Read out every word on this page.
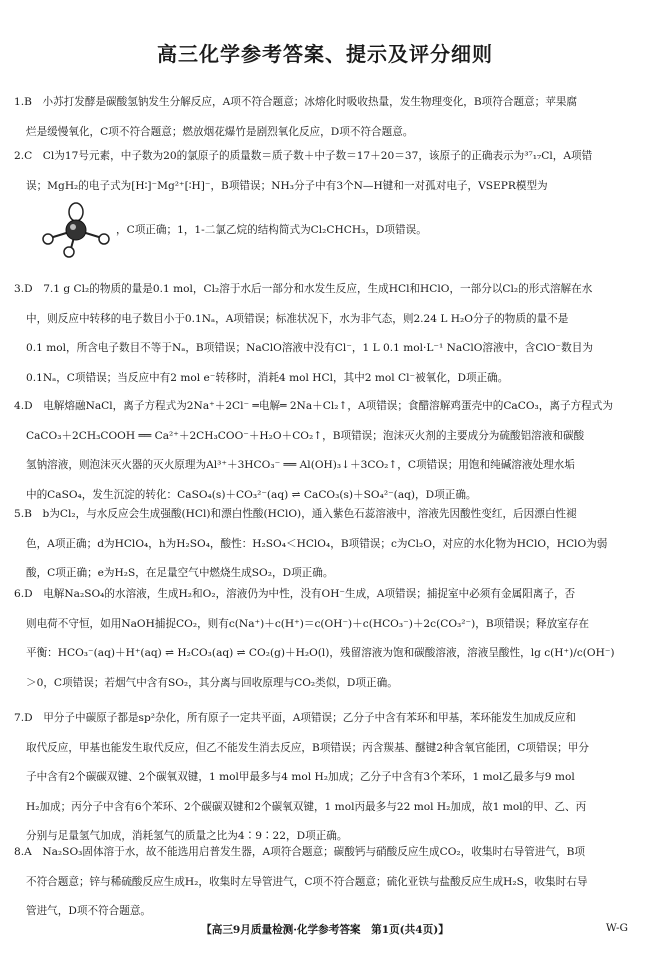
高三化学参考答案、提示及评分细则

1.B　小苏打发酵是碳酸氢钠发生分解反应，A项不符合题意；冰熔化时吸收热量，发生物理变化，B项符合题意；苹果腐

烂是缓慢氧化，C项不符合题意；燃放烟花爆竹是剧烈氧化反应，D项不符合题意。

2.C　Cl为17号元素，中子数为20的氯原子的质量数＝质子数＋中子数＝17＋20＝37，该原子的正确表示为³⁷₁₇Cl，A项错

误；MgH₂的电子式为[H∶]⁻Mg²⁺[∶H]⁻，B项错误；NH₃分子中有3个N—H键和一对孤对电子，VSEPR模型为

，C项正确；1，1-二氯乙烷的结构简式为Cl₂CHCH₃，D项错误。

3.D　7.1 g Cl₂的物质的量是0.1 mol，Cl₂溶于水后一部分和水发生反应，生成HCl和HClO，一部分以Cl₂的形式溶解在水

中，则反应中转移的电子数目小于0.1Nₐ，A项错误；标准状况下，水为非气态，则2.24 L H₂O分子的物质的量不是

0.1 mol，所含电子数目不等于Nₐ，B项错误；NaClO溶液中没有Cl⁻，1 L 0.1 mol·L⁻¹ NaClO溶液中，含ClO⁻数目为

0.1Nₐ，C项错误；当反应中有2 mol e⁻转移时，消耗4 mol HCl，其中2 mol Cl⁻被氧化，D项正确。

4.D　电解熔融NaCl，离子方程式为2Na⁺＋2Cl⁻ ═电解═ 2Na＋Cl₂↑，A项错误；食醋溶解鸡蛋壳中的CaCO₃，离子方程式为

CaCO₃＋2CH₃COOH ══ Ca²⁺＋2CH₃COO⁻＋H₂O＋CO₂↑，B项错误；泡沫灭火剂的主要成分为硫酸铝溶液和碳酸

氢钠溶液，则泡沫灭火器的灭火原理为Al³⁺＋3HCO₃⁻ ══ Al(OH)₃↓＋3CO₂↑，C项错误；用饱和纯碱溶液处理水垢

中的CaSO₄，发生沉淀的转化：CaSO₄(s)＋CO₃²⁻(aq) ⇌ CaCO₃(s)＋SO₄²⁻(aq)，D项正确。

5.B　b为Cl₂，与水反应会生成强酸(HCl)和漂白性酸(HClO)，通入紫色石蕊溶液中，溶液先因酸性变红，后因漂白性褪

色，A项正确；d为HClO₄，h为H₂SO₄，酸性：H₂SO₄＜HClO₄，B项错误；c为Cl₂O，对应的水化物为HClO，HClO为弱

酸，C项正确；e为H₂S，在足量空气中燃烧生成SO₂，D项正确。

6.D　电解Na₂SO₄的水溶液，生成H₂和O₂，溶液仍为中性，没有OH⁻生成，A项错误；捕捉室中必须有金属阳离子，否

则电荷不守恒，如用NaOH捕捉CO₂，则有c(Na⁺)＋c(H⁺)＝c(OH⁻)＋c(HCO₃⁻)＋2c(CO₃²⁻)，B项错误；释放室存在

平衡：HCO₃⁻(aq)＋H⁺(aq) ⇌ H₂CO₃(aq) ⇌ CO₂(g)＋H₂O(l)，残留溶液为饱和碳酸溶液，溶液呈酸性，lg c(H⁺)/c(OH⁻)

＞0，C项错误；若烟气中含有SO₂，其分离与回收原理与CO₂类似，D项正确。

7.D　甲分子中碳原子都是sp²杂化，所有原子一定共平面，A项错误；乙分子中含有苯环和甲基，苯环能发生加成反应和

取代反应，甲基也能发生取代反应，但乙不能发生消去反应，B项错误；丙含羰基、醚键2种含氧官能团，C项错误；甲分

子中含有2个碳碳双键、2个碳氧双键，1 mol甲最多与4 mol H₂加成；乙分子中含有3个苯环，1 mol乙最多与9 mol

H₂加成；丙分子中含有6个苯环、2个碳碳双键和2个碳氧双键，1 mol丙最多与22 mol H₂加成，故1 mol的甲、乙、丙

分别与足量氢气加成，消耗氢气的质量之比为4∶9∶22，D项正确。

8.A　Na₂SO₃固体溶于水，故不能选用启普发生器，A项符合题意；碳酸钙与硝酸反应生成CO₂，收集时右导管进气，B项

不符合题意；锌与稀硫酸反应生成H₂，收集时左导管进气，C项不符合题意；硫化亚铁与盐酸反应生成H₂S，收集时右导

管进气，D项不符合题意。

【高三9月质量检测·化学参考答案　第1页(共4页)】	W-G
